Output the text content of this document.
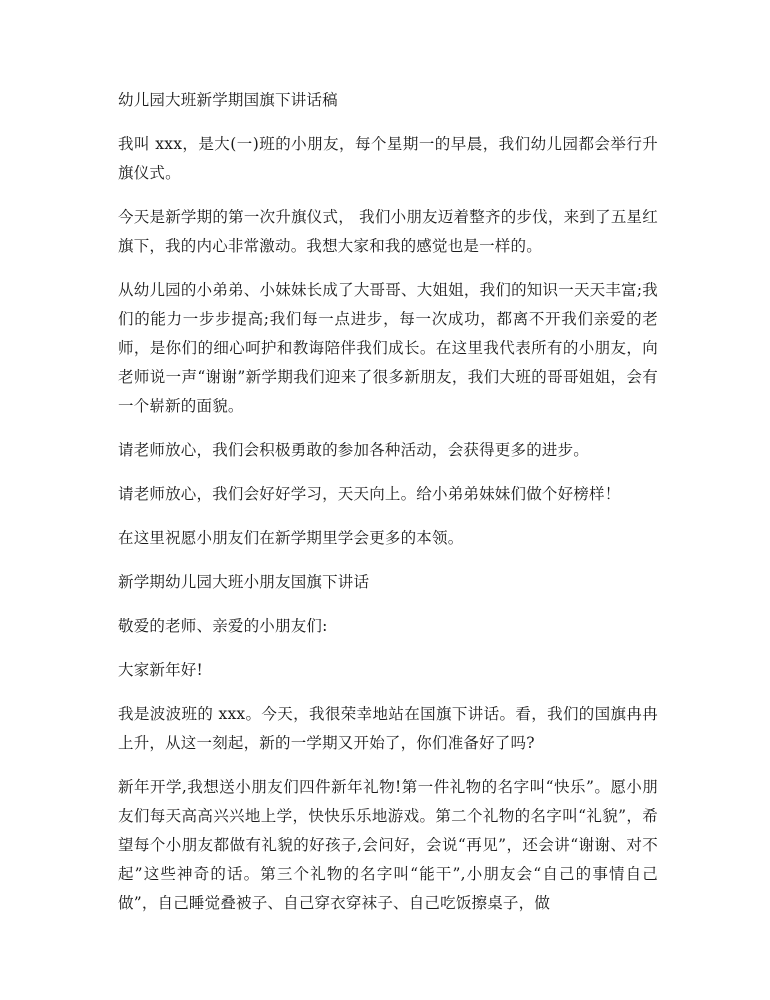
幼儿园大班新学期国旗下讲话稿

我叫 xxx，是大(一)班的小朋友，每个星期一的早晨，我们幼儿园都会举行升旗仪式。

今天是新学期的第一次升旗仪式， 我们小朋友迈着整齐的步伐，来到了五星红旗下，我的内心非常激动。我想大家和我的感觉也是一样的。

从幼儿园的小弟弟、小妹妹长成了大哥哥、大姐姐，我们的知识一天天丰富;我们的能力一步步提高;我们每一点进步，每一次成功，都离不开我们亲爱的老师，是你们的细心呵护和教诲陪伴我们成长。在这里我代表所有的小朋友，向老师说一声“谢谢”新学期我们迎来了很多新朋友，我们大班的哥哥姐姐，会有一个崭新的面貌。

请老师放心，我们会积极勇敢的参加各种活动，会获得更多的进步。

请老师放心，我们会好好学习，天天向上。给小弟弟妹妹们做个好榜样！

在这里祝愿小朋友们在新学期里学会更多的本领。

新学期幼儿园大班小朋友国旗下讲话

敬爱的老师、亲爱的小朋友们:

大家新年好!

我是波波班的 xxx。今天，我很荣幸地站在国旗下讲话。看，我们的国旗冉冉上升，从这一刻起，新的一学期又开始了，你们准备好了吗?

新年开学,我想送小朋友们四件新年礼物!第一件礼物的名字叫“快乐”。愿小朋友们每天高高兴兴地上学，快快乐乐地游戏。第二个礼物的名字叫“礼貌”，希望每个小朋友都做有礼貌的好孩子,会问好，会说“再见”，还会讲“谢谢、对不起”这些神奇的话。第三个礼物的名字叫“能干”,小朋友会“自己的事情自己做”，自己睡觉叠被子、自己穿衣穿袜子、自己吃饭擦桌子，做
